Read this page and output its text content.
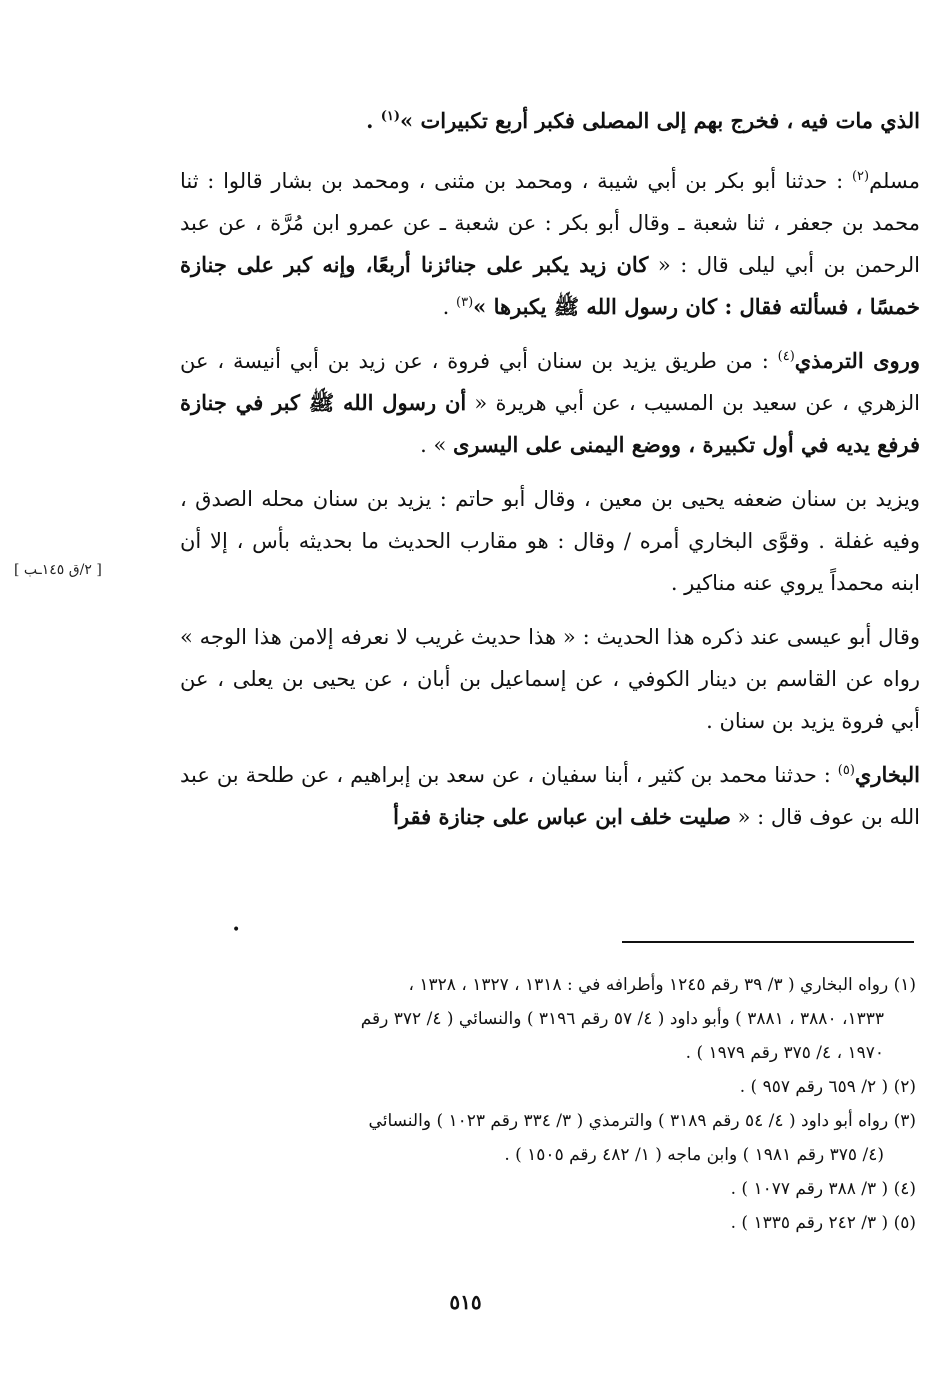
الذي مات فيه ، فخرج بهم إلى المصلى فكبر أربع تكبيرات »$^{(١)}$ .

مسلم$^{(٢)}$ : حدثنا أبو بكر بن أبي شيبة ، ومحمد بن مثنى ، ومحمد بن بشار قالوا : ثنا محمد بن جعفر ، ثنا شعبة ـ وقال أبو بكر : عن شعبة ـ عن عمرو ابن مُرَّة ، عن عبد الرحمن بن أبي ليلى قال : « كان زيد يكبر على جنائزنا أربعًا، وإنه كبر على جنازة خمسًا ، فسألته فقال : كان رسول الله ﷺ يكبرها »$^{(٣)}$ .

وروى الترمذي$^{(٤)}$ : من طريق يزيد بن سنان أبي فروة ، عن زيد بن أبي أنيسة ، عن الزهري ، عن سعيد بن المسيب ، عن أبي هريرة « أن رسول الله ﷺ كبر في جنازة فرفع يديه في أول تكبيرة ، ووضع اليمنى على اليسرى » .

ويزيد بن سنان ضعفه يحيى بن معين ، وقال أبو حاتم : يزيد بن سنان محله الصدق ، وفيه غفلة . وقوَّى البخاري أمره / وقال : هو مقارب الحديث ما بحديثه بأس ، إلا أن ابنه محمداً يروي عنه مناكير .

وقال أبو عيسى عند ذكره هذا الحديث : « هذا حديث غريب لا نعرفه إلامن هذا الوجه » رواه عن القاسم بن دينار الكوفي ، عن إسماعيل بن أبان ، عن يحيى بن يعلى ، عن أبي فروة يزيد بن سنان .

البخاري$^{(٥)}$ : حدثنا محمد بن كثير ، أبنا سفيان ، عن سعد بن إبراهيم ، عن طلحة بن عبد الله بن عوف قال : « صليت خلف ابن عباس على جنازة فقرأ

[ ٢/ق ١٤٥ـب ]
•

(١) رواه البخاري ( ٣/ ٣٩ رقم ١٢٤٥ وأطرافه في : ١٣١٨ ، ١٣٢٧ ، ١٣٢٨ ،
١٣٣٣، ٣٨٨٠ ، ٣٨٨١ ) وأبو داود ( ٤/ ٥٧ رقم ٣١٩٦ ) والنسائي ( ٤/ ٣٧٢ رقم
١٩٧٠ ، ٤/ ٣٧٥ رقم ١٩٧٩ ) .

(٢) ( ٢/ ٦٥٩ رقم ٩٥٧ ) .

(٣) رواه أبو داود ( ٤/ ٥٤ رقم ٣١٨٩ ) والترمذي ( ٣/ ٣٣٤ رقم ١٠٢٣ ) والنسائي
(٤/ ٣٧٥ رقم ١٩٨١ ) وابن ماجه ( ١/ ٤٨٢ رقم ١٥٠٥ ) .

(٤) ( ٣/ ٣٨٨ رقم ١٠٧٧ ) .

(٥) ( ٣/ ٢٤٢ رقم ١٣٣٥ ) .

٥١٥
